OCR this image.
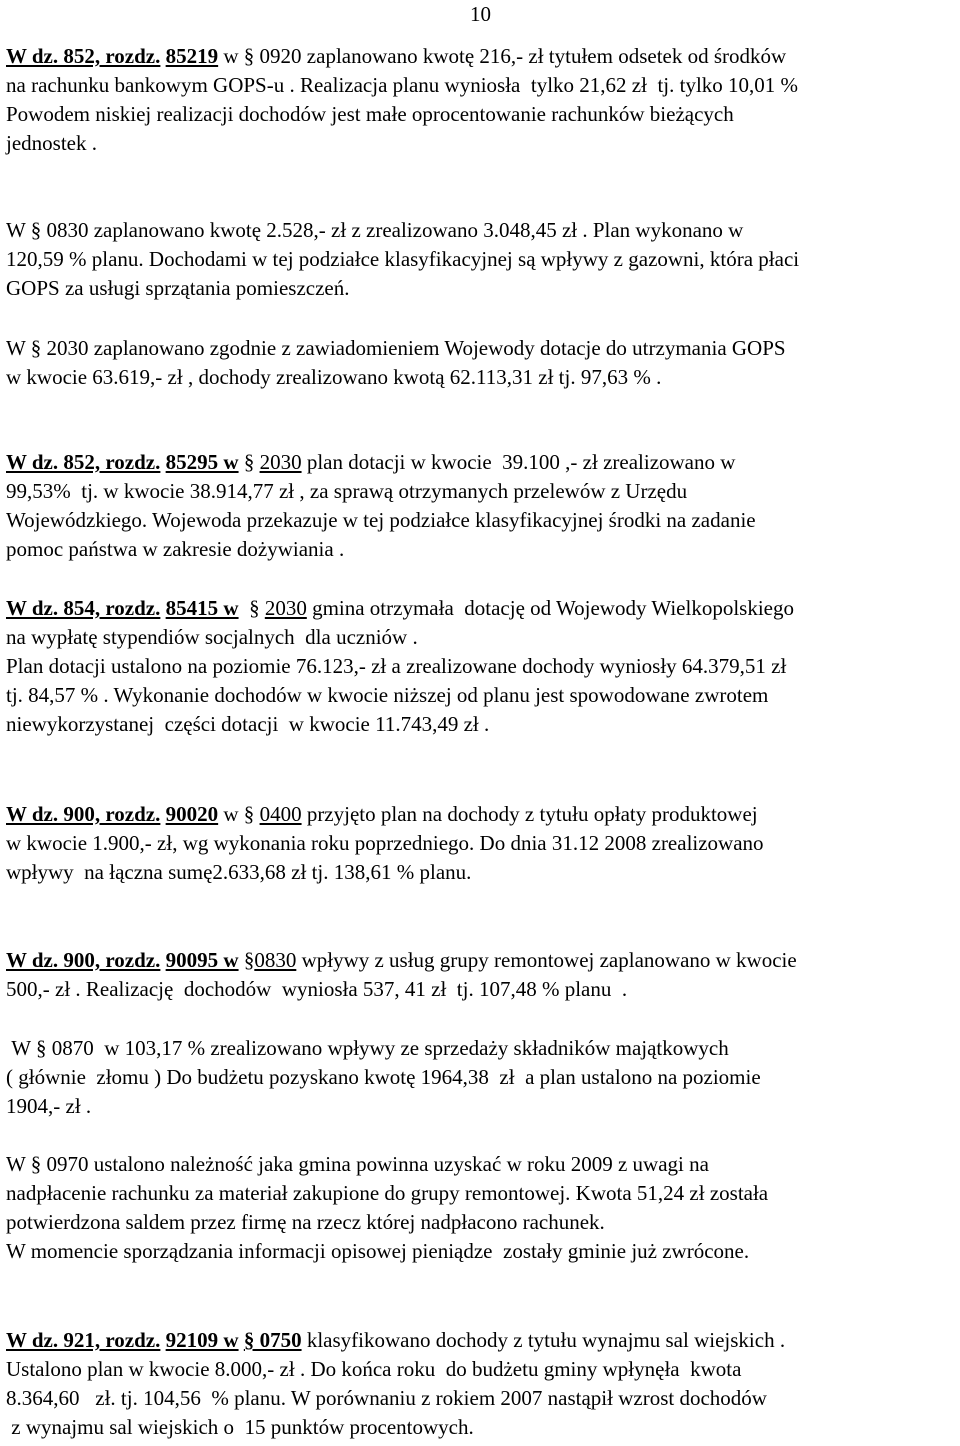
10

W dz. 852, rozdz. 85219 w § 0920 zaplanowano kwotę 216,- zł tytułem odsetek od środków
na rachunku bankowym GOPS-u . Realizacja planu wyniosła  tylko 21,62 zł  tj. tylko 10,01 %
Powodem niskiej realizacji dochodów jest małe oprocentowanie rachunków bieżących
jednostek .

W § 0830 zaplanowano kwotę 2.528,- zł z zrealizowano 3.048,45 zł . Plan wykonano w
120,59 % planu. Dochodami w tej podziałce klasyfikacyjnej są wpływy z gazowni, która płaci
GOPS za usługi sprzątania pomieszczeń.

W § 2030 zaplanowano zgodnie z zawiadomieniem Wojewody dotacje do utrzymania GOPS
w kwocie 63.619,- zł , dochody zrealizowano kwotą 62.113,31 zł tj. 97,63 % .

W dz. 852, rozdz. 85295 w § 2030 plan dotacji w kwocie  39.100 ,- zł zrealizowano w
99,53%  tj. w kwocie 38.914,77 zł , za sprawą otrzymanych przelewów z Urzędu
Wojewódzkiego. Wojewoda przekazuje w tej podziałce klasyfikacyjnej środki na zadanie
pomoc państwa w zakresie dożywiania .

W dz. 854, rozdz. 85415 w  § 2030 gmina otrzymała  dotację od Wojewody Wielkopolskiego
na wypłatę stypendiów socjalnych  dla uczniów .
Plan dotacji ustalono na poziomie 76.123,- zł a zrealizowane dochody wyniosły 64.379,51 zł
tj. 84,57 % . Wykonanie dochodów w kwocie niższej od planu jest spowodowane zwrotem
niewykorzystanej  części dotacji  w kwocie 11.743,49 zł .

W dz. 900, rozdz. 90020 w § 0400 przyjęto plan na dochody z tytułu opłaty produktowej
w kwocie 1.900,- zł, wg wykonania roku poprzedniego. Do dnia 31.12 2008 zrealizowano
wpływy  na łączna sumę2.633,68 zł tj. 138,61 % planu.

W dz. 900, rozdz. 90095 w §0830 wpływy z usług grupy remontowej zaplanowano w kwocie
500,- zł . Realizację  dochodów  wyniosła 537, 41 zł  tj. 107,48 % planu  .

W § 0870  w 103,17 % zrealizowano wpływy ze sprzedaży składników majątkowych
( głównie  złomu ) Do budżetu pozyskano kwotę 1964,38  zł  a plan ustalono na poziomie
1904,- zł .

W § 0970 ustalono należność jaka gmina powinna uzyskać w roku 2009 z uwagi na
nadpłacenie rachunku za materiał zakupione do grupy remontowej. Kwota 51,24 zł została
potwierdzona saldem przez firmę na rzecz której nadpłacono rachunek.
W momencie sporządzania informacji opisowej pieniądze  zostały gminie już zwrócone.

W dz. 921, rozdz. 92109 w § 0750 klasyfikowano dochody z tytułu wynajmu sal wiejskich .
Ustalono plan w kwocie 8.000,- zł . Do końca roku  do budżetu gminy wpłynęła  kwota
8.364,60   zł. tj. 104,56  % planu. W porównaniu z rokiem 2007 nastąpił wzrost dochodów
z wynajmu sal wiejskich o  15 punktów procentowych.
